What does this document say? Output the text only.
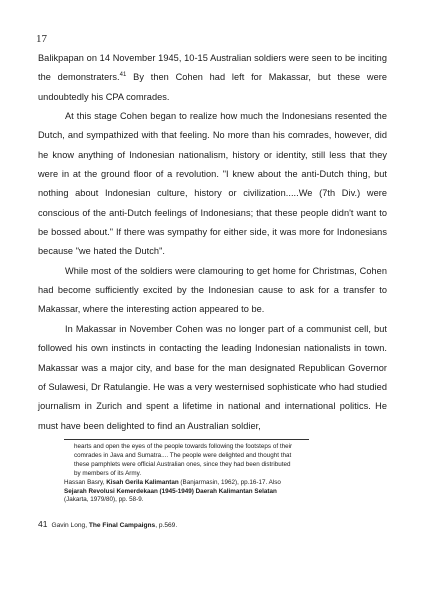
17

Balikpapan on 14 November 1945, 10-15 Australian soldiers were seen to be inciting the demonstraters.$^{41}$ By then Cohen had left for Makassar, but these were undoubtedly his CPA comrades.

At this stage Cohen began to realize how much the Indonesians resented the Dutch, and sympathized with that feeling. No more than his comrades, however, did he know anything of Indonesian nationalism, history or identity, still less that they were in at the ground floor of a revolution. "I knew about the anti-Dutch thing, but nothing about Indonesian culture, history or civilization.....We (7th Div.) were conscious of the anti-Dutch feelings of Indonesians; that these people didn't want to be bossed about." If there was sympathy for either side, it was more for Indonesians because "we hated the Dutch".

While most of the soldiers were clamouring to get home for Christmas, Cohen had become sufficiently excited by the Indonesian cause to ask for a transfer to Makassar, where the interesting action appeared to be.

In Makassar in November Cohen was no longer part of a communist cell, but followed his own instincts in contacting the leading Indonesian nationalists in town. Makassar was a major city, and base for the man designated Republican Governor of Sulawesi, Dr Ratulangie. He was a very westernised sophisticate who had studied journalism in Zurich and spent a lifetime in national and international politics. He must have been delighted to find an Australian soldier,

hearts and open the eyes of the people towards following the footsteps of their
comrades in Java and Sumatra.... The people were delighted and thought that
these pamphlets were official Australian ones, since they had been distributed
by members of its Army.
Hassan Basry, Kisah Gerila Kalimantan (Banjarmasin, 1962), pp.16-17. Also
Sejarah Revolusi Kemerdekaan (1945-1949) Daerah Kalimantan Selatan
(Jakarta, 1979/80), pp. 58-9.
41 Gavin Long, The Final Campaigns, p.569.
